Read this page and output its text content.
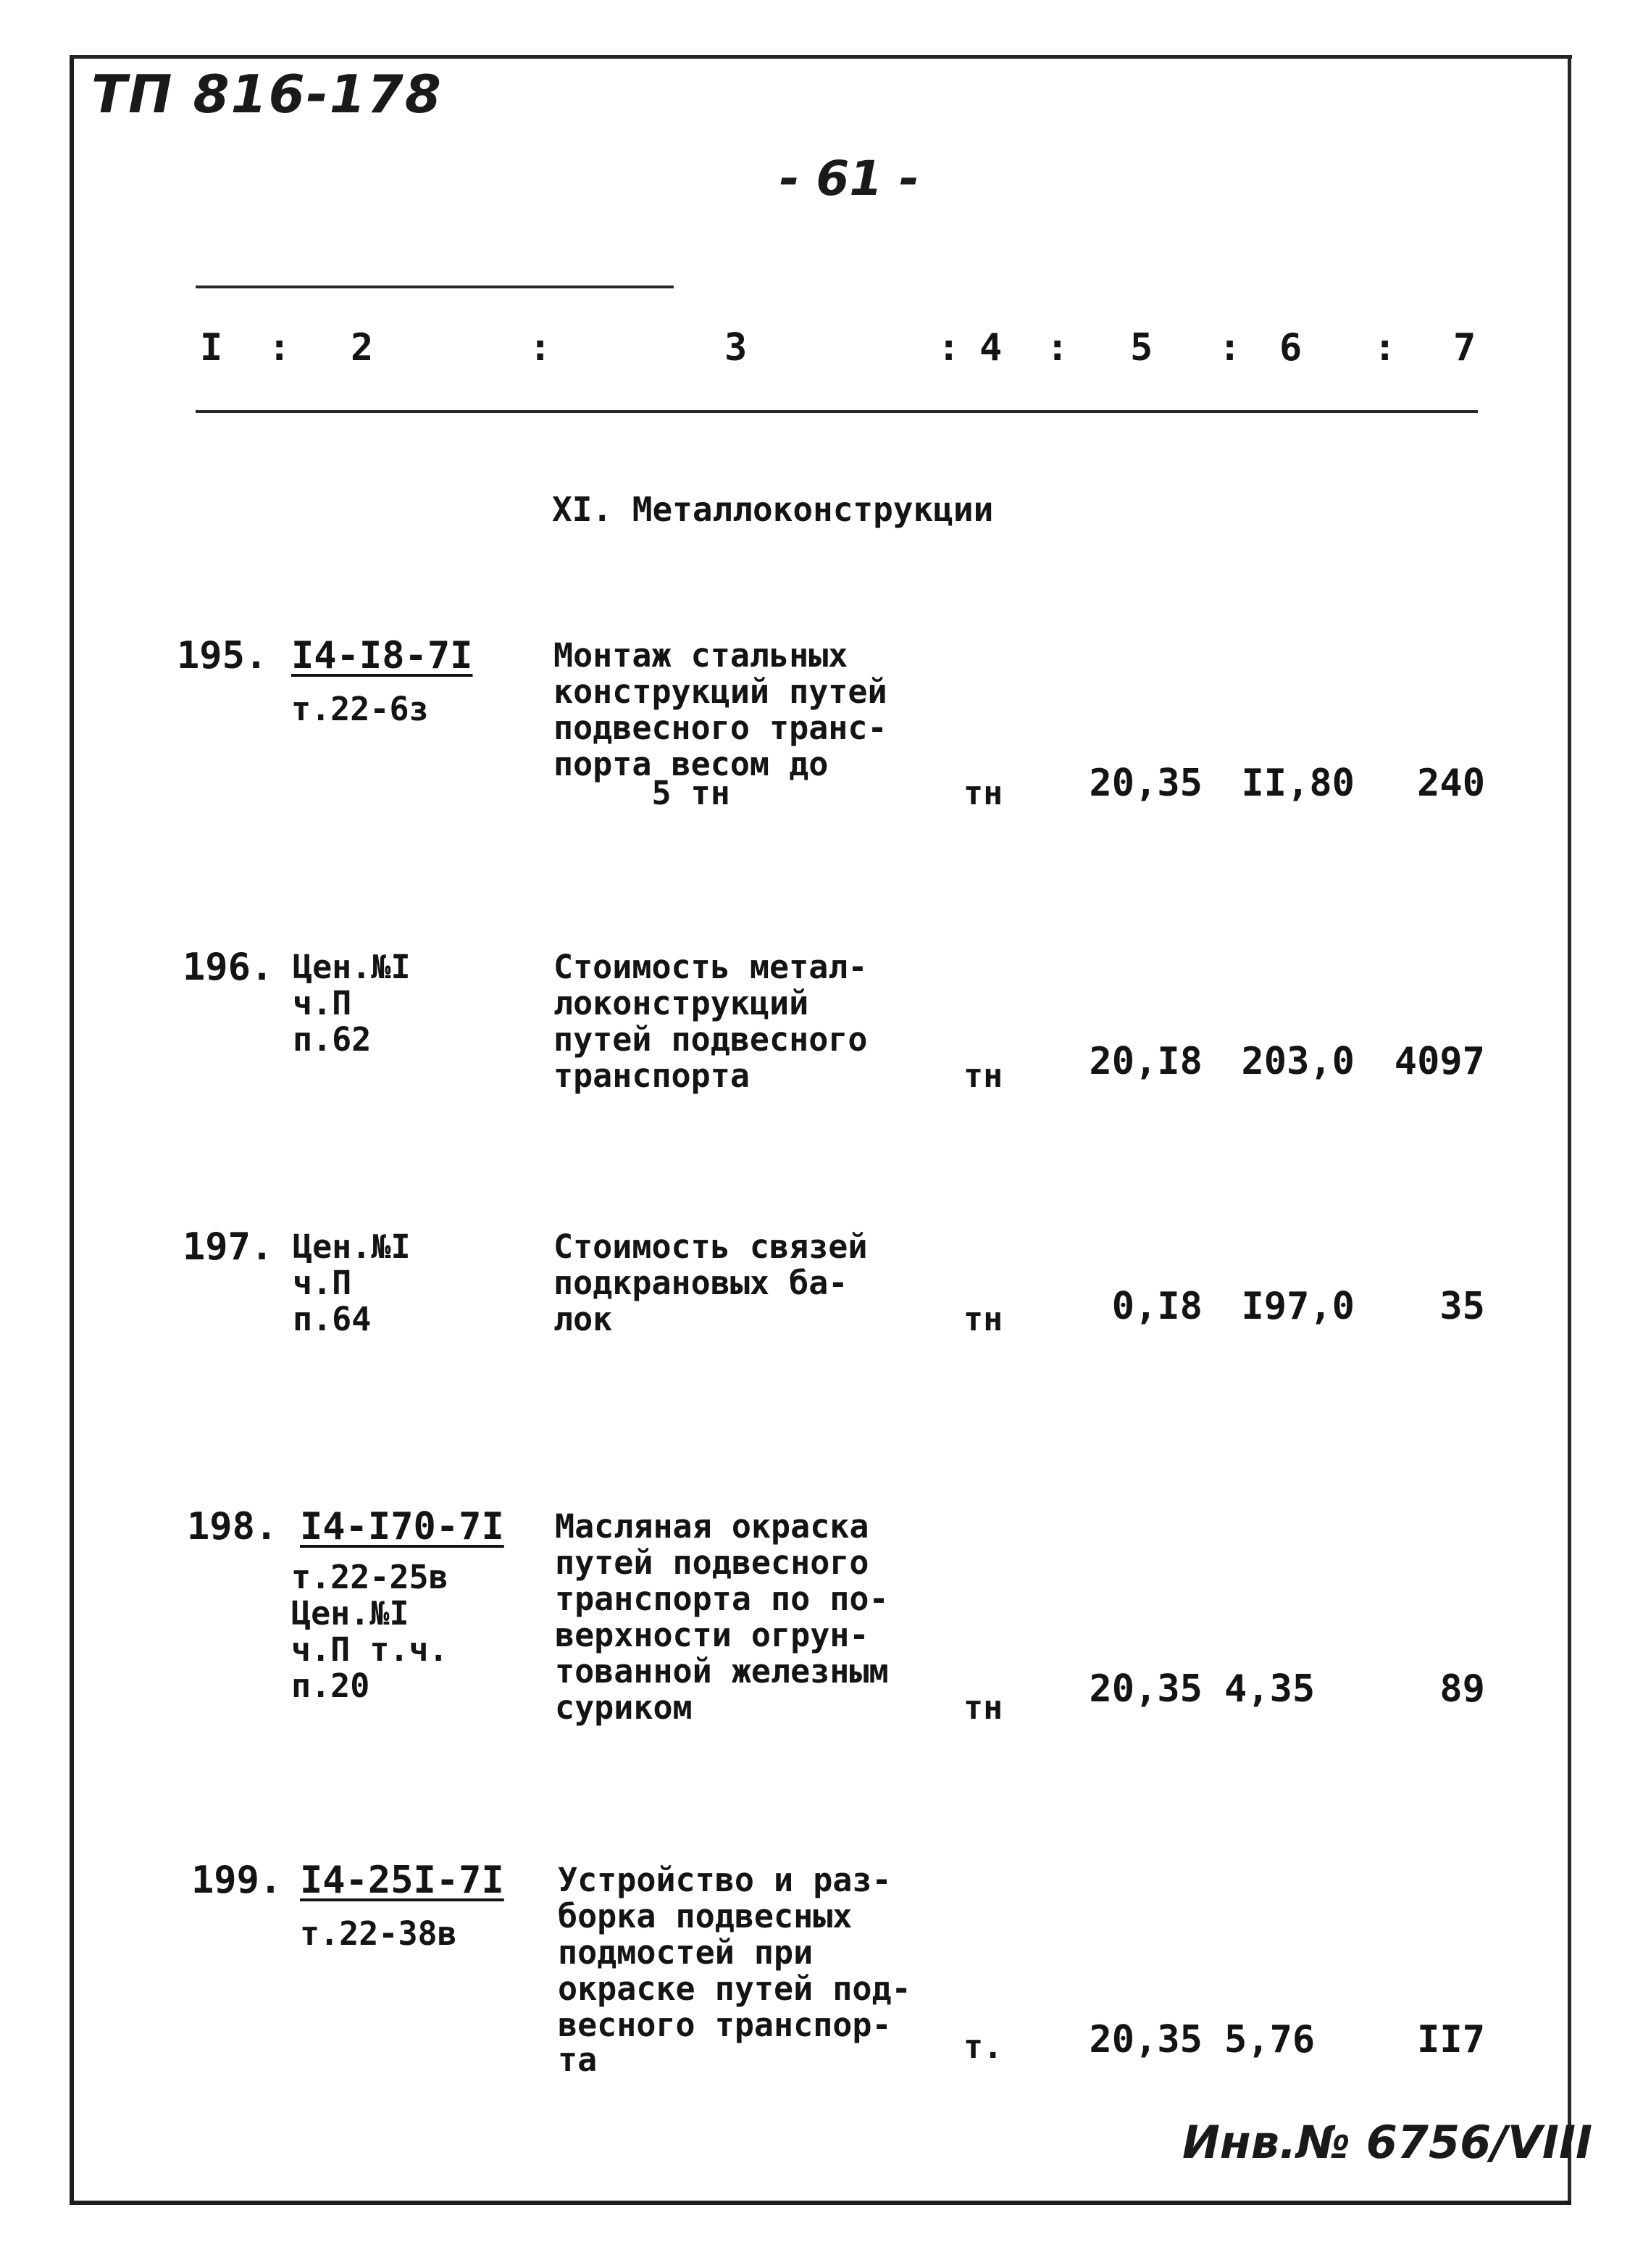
ТП 816-178
- 61 -
I : 2	:	3	: 4 : 5 : 6 : 7
XI. Металлоконструкции
195. I4-I8-7I
т.22-6з
Монтаж стальных
конструкций путей
подвесного транс-
порта весом до
5 тн	тн	20,35	II,80	240
196. Цен.№I
ч.П
п.62
Стоимость метал-
локонструкций
путей подвесного
транспорта	тн	20,I8	203,0	4097
197. Цен.№I
ч.П
п.64
Стоимость связей
подкрановых ба-
лок	тн	0,I8	I97,0	35
198. I4-I70-7I
т.22-25в
Цен.№I
ч.П т.ч.
п.20
Масляная окраска
путей подвесного
транспорта по по-
верхности огрун-
тованной железным
суриком	тн	20,35 4,35	89
199. I4-25I-7I
т.22-38в
Устройство и раз-
борка подвесных
подмостей при
окраске путей под-
весного транспор-
та	т.	20,35 5,76	II7
Инв.№ 6756/VIII
